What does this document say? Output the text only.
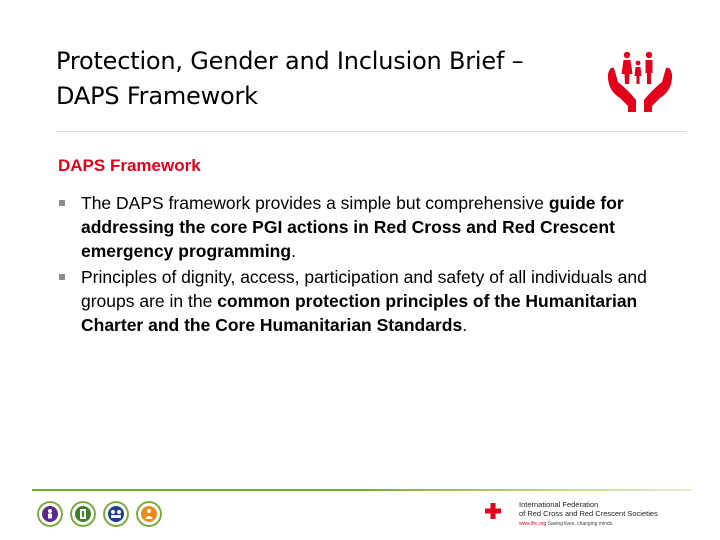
Protection, Gender and Inclusion Brief –
DAPS Framework
DAPS Framework
The DAPS framework provides a simple but comprehensive guide for addressing the core PGI actions in Red Cross and Red Crescent emergency programming.
Principles of dignity, access, participation and safety of all individuals and groups are in the common protection principles of the Humanitarian Charter and the Core Humanitarian Standards.
International Federation
of Red Cross and Red Crescent Societies
www.ifrc.org Saving lives, changing minds.
